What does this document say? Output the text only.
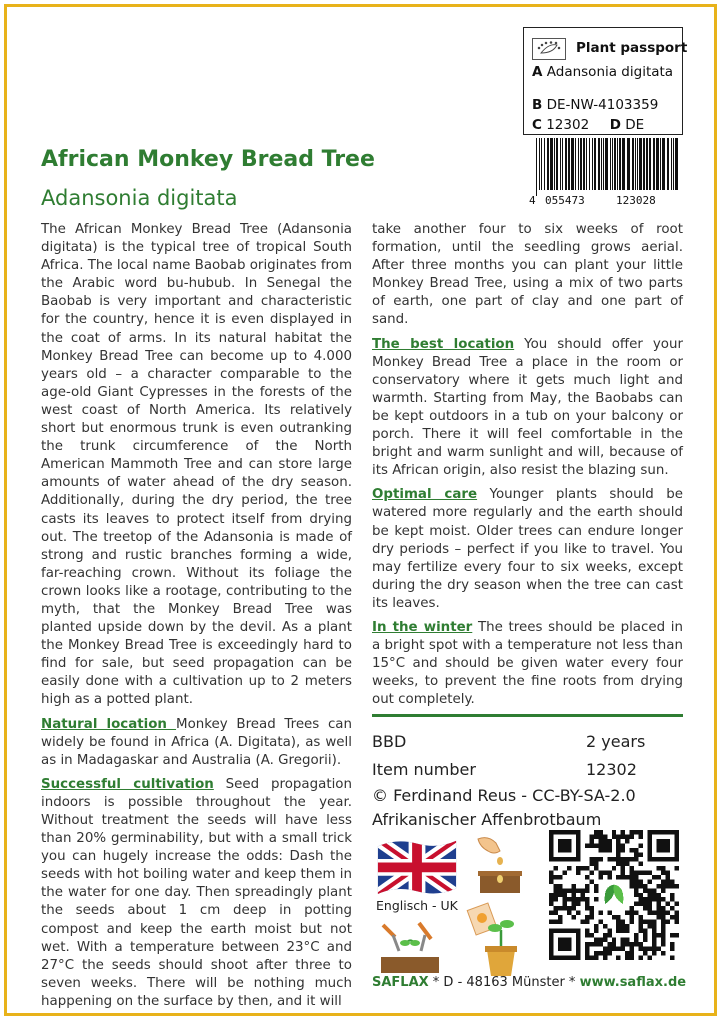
Plant passport
A Adansonia digitata
B DE-NW-4103359
C 12302 D DE
4 055473	123028
African Monkey Bread Tree
Adansonia digitata

The African Monkey Bread Tree (Adansonia digitata) is the typical tree of tropical South Africa. The local name Baobab originates from the Arabic word bu-hubub. In Senegal the Baobab is very important and characteristic for the country, hence it is even displayed in the coat of arms. In its natural habitat the Monkey Bread Tree can become up to 4.000 years old – a character comparable to the age-old Giant Cypresses in the forests of the west coast of North America. Its relatively short but enormous trunk is even outranking the trunk circumference of the North American Mammoth Tree and can store large amounts of water ahead of the dry season. Additionally, during the dry period, the tree casts its leaves to protect itself from drying out. The treetop of the Adansonia is made of strong and rustic branches forming a wide, far-reaching crown. Without its foliage the crown looks like a rootage, contributing to the myth, that the Monkey Bread Tree was planted upside down by the devil. As a plant the Monkey Bread Tree is exceedingly hard to find for sale, but seed propagation can be easily done with a cultivation up to 2 meters high as a potted plant.

Natural location Monkey Bread Trees can widely be found in Africa (A. Digitata), as well as in Madagaskar and Australia (A. Gregorii).

Successful cultivation Seed propagation indoors is possible throughout the year. Without treatment the seeds will have less than 20% germinability, but with a small trick you can hugely increase the odds: Dash the seeds with hot boiling water and keep them in the water for one day. Then spreadingly plant the seeds about 1 cm deep in potting compost and keep the earth moist but not wet. With a temperature between 23°C and 27°C the seeds should shoot after three to seven weeks. There will be nothing much happening on the surface by then, and it will

take another four to six weeks of root formation, until the seedling grows aerial. After three months you can plant your little Monkey Bread Tree, using a mix of two parts of earth, one part of clay and one part of sand.

The best location You should offer your Monkey Bread Tree a place in the room or conservatory where it gets much light and warmth. Starting from May, the Baobabs can be kept outdoors in a tub on your balcony or porch. There it will feel comfortable in the bright and warm sunlight and will, because of its African origin, also resist the blazing sun.

Optimal care Younger plants should be watered more regularly and the earth should be kept moist. Older trees can endure longer dry periods – perfect if you like to travel. You may fertilize every four to six weeks, except during the dry season when the tree can cast its leaves.

In the winter The trees should be placed in a bright spot with a temperature not less than 15°C and should be given water every four weeks, to prevent the fine roots from drying out completely.

BBD	2 years
Item number	12302
© Ferdinand Reus - CC-BY-SA-2.0
Afrikanischer Affenbrotbaum
Englisch - UK
SAFLAX * D - 48163 Münster * www.saflax.de
